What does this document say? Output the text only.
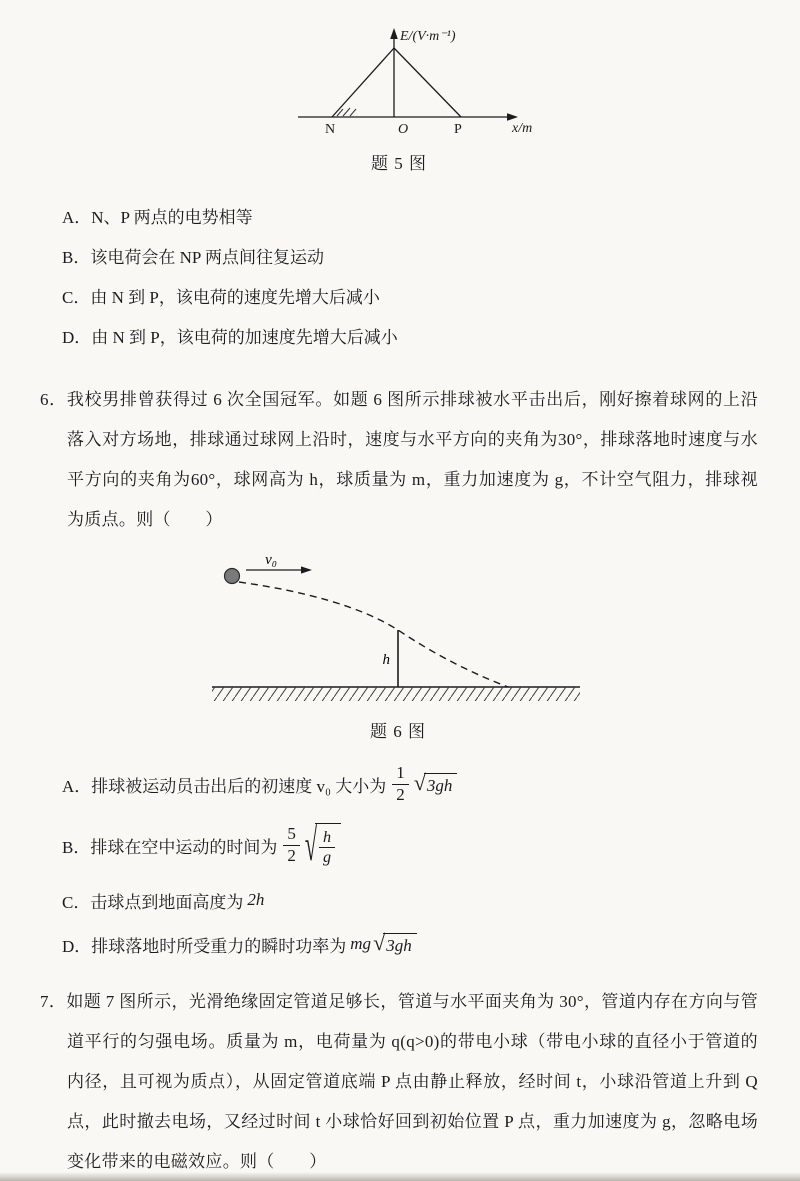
E/(V·m⁻¹)
x/m
N	O	P
题 5 图
A．N、P 两点的电势相等
B．该电荷会在 NP 两点间往复运动
C．由 N 到 P，该电荷的速度先增大后减小
D．由 N 到 P，该电荷的加速度先增大后减小

6．我校男排曾获得过 6 次全国冠军。如题 6 图所示排球被水平击出后，刚好擦着球网的上沿落入对方场地，排球通过球网上沿时，速度与水平方向的夹角为30°，排球落地时速度与水平方向的夹角为60°，球网高为 h，球质量为 m，重力加速度为 g，不计空气阻力，排球视为质点。则（　　）

v₀
h
题 6 图
A． 排球被运动员击出后的初速度 v₀ 大小为 $\frac{1}{2}$ √ 3gh
B． 排球在空中运动的时间为 $\frac{5}{2}$ √ $\frac{h}{g}$
C． 击球点到地面高度为 2h
D． 排球落地时所受重力的瞬时功率为 mg √ 3gh

7．如题 7 图所示，光滑绝缘固定管道足够长，管道与水平面夹角为 30°，管道内存在方向与管道平行的匀强电场。质量为 m，电荷量为 q(q>0)的带电小球（带电小球的直径小于管道的内径，且可视为质点），从固定管道底端 P 点由静止释放，经时间 t，小球沿管道上升到 Q 点，此时撤去电场，又经过时间 t 小球恰好回到初始位置 P 点，重力加速度为 g，忽略电场变化带来的电磁效应。则（　　）
